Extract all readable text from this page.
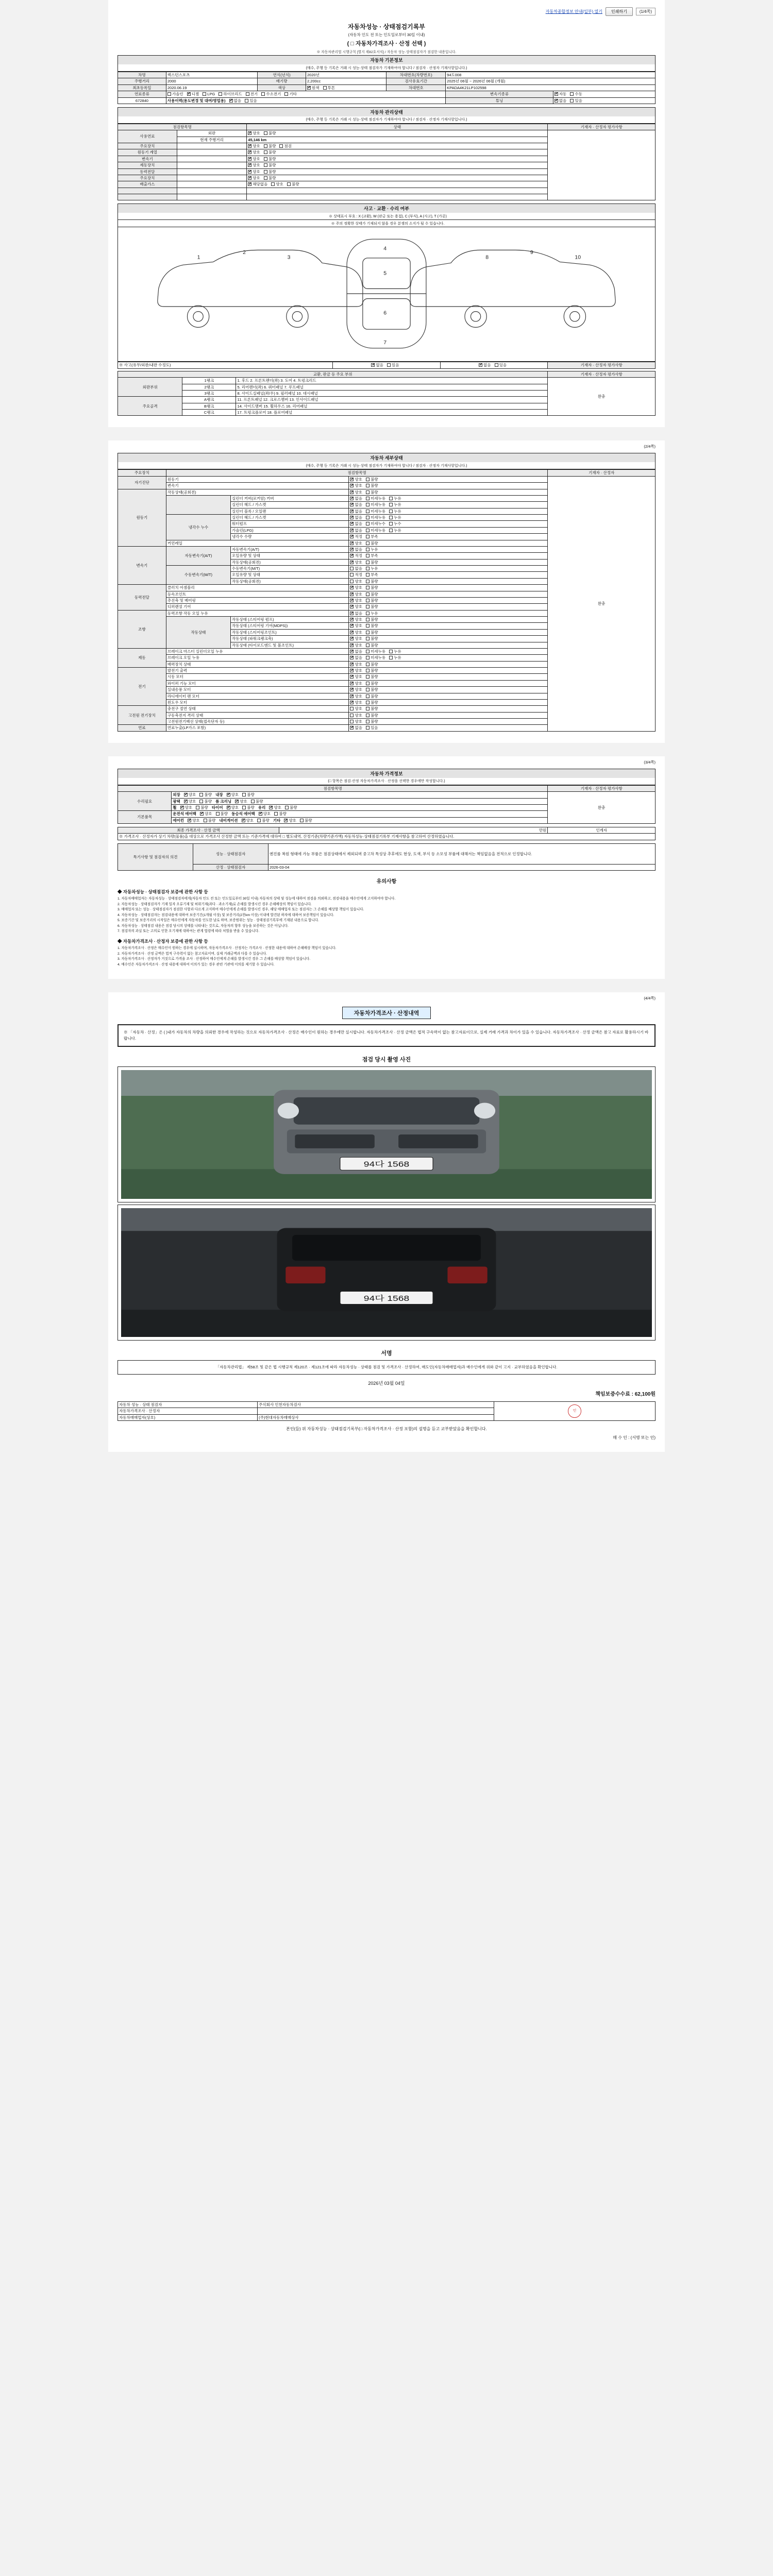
자동차종합정보 안내(일부) 열기	인쇄하기	(1/4쪽)
자동차성능 · 상태점검기록부
(자동차 인도 전 또는 인도일로부터 30일 이내)
( □ 자동차가격조사 · 산정 선택 )
※ 자동차관리법 시행규칙 [별지 제82호서식] / 자동차 성능·상태점검자가 점검한 내용입니다.
자동차 기본정보
(매수, 주행 등 기록은 거래 시 성능·상태 점검자가 기재하여야 합니다 / 점검자 · 산정자 기재사항입니다.)
차명	렉스턴스포츠	연식(년식)	2020년	차대번호(차량번호)	94도008	
주행거리	2000	배기량	2,200cc	검사유효기간	2025년 06월 ~ 2026년 06월 (개월)	
최초등록일	2020.06.19	색상	✔원색 투톤	차대번호	KPADA4K21LP102598	
연료종류	가솔린 ✔ 디젤 LPG 하이브리드 전기 수소전기 기타				변속기종류	✔자동 수동
672840	사용이력(용도변경 및 대여/영업용) ✔ 없음 있음				튜닝	✔없음 있음
자동차 관리상태
(매수, 주행 등 기록은 거래 시 성능·상태 점검자가 기재하여야 합니다 / 점검자 · 산정자 기재사항입니다.)
점검항목명		상태	기재자 · 산정자 평가사항
사용연료	외판	✔양호 불량	
	현재 주행거리	45,146 km	
주요장치		✔양호 불량 점검
원동기 계열		✔양호 불량
변속기		✔양호 불량
제동장치		✔양호 불량
동력전달		✔양호 불량
주요장치		✔양호 불량
배출가스		✔해당없음 양호 불량

사고 · 교환 · 수리 여부
※ 상태표시 부호 : X (교환), W (판금 또는 용접), C (부식), A (사고), T (가공)
※ 주의 정확한 상태가 기재되지 않을 경우 분쟁의 소지가 될 수 있습니다.
1
2
3
4
5
6
7
8
9
10
※ 사고(유무/외판/내판 수정도)	✔없음 있음	✔없음 있음	기재자 · 산정자 평가사항
교환, 판금 등 주요 부위			기재자 · 산정자 평가사항
외판부위	1랭크	1. 후드 2. 프론트펜더(좌) 3. 도어 4. 트렁크리드	완충
	2랭크	5. 리어펜더(좌) 6. 쿼터패널 7. 루프패널	
	3랭크	8. 사이드실패널(좌/우) 9. 필러패널 10. 대시패널	
주요골격	A랭크	11. 프론트패널 12. 크로스멤버 13. 인사이드패널	
	B랭크	14. 사이드멤버 15. 휠하우스 16. 리어패널	
	C랭크	17. 트렁크플로어 18. 플로어패널	
(2/4쪽)
자동차 세부상태
(매수, 주행 등 기록은 거래 시 성능·상태 점검자가 기재하여야 합니다 / 점검자 · 산정자 기재사항입니다.)
주요장치	점검항목명			기재자 · 산정자
자기진단	원동기	✔양호 불량	완충
	변속기	✔양호 불량
원동기	작동상태(공회전)	✔양호 불량
		실린더 커버(로커암) 커버	✔없음 미세누유 누유
		실린더 헤드 / 가스켓	✔없음 미세누유 누유
		실린더 블록 / 오일팬	✔없음 미세누유 누유
	냉각수 누수	실린더 헤드 / 가스켓	✔없음 미세누유 누유
		워터펌프	✔없음 미세누수 누수
		가솔린(LPG)	✔없음 미세누유 누유
		냉각수 수량	✔적정 부족
	커먼레일	✔양호 불량
변속기	자동변속기(A/T)	자동변속기(A/T)	✔없음 누유
		오일유량 및 상태	✔적정 부족
		작동상태(공회전)	✔양호 불량
	수동변속기(M/T)	수동변속기(M/T)	없음 누유	
		오일유량 및 상태	적정 부족	
		작동상태(공회전)	양호 불량	
동력전달	클러치 어셈블리	✔양호 불량
	등속조인트	✔양호 불량
	추진축 및 베어링	✔양호 불량
	디퍼렌셜 기어	✔양호 불량
조향	동력조향 작동 오일 누유	✔없음 누유
	작동상태	작동상태 (스티어링 펌프)	✔양호 불량
		작동상태 (스티어링 기어(MDPS))	✔양호 불량
		작동상태 (스티어링조인트)	✔양호 불량
		작동상태 (파워크랭크축)	✔양호 불량
		작동상태 (타이로드엔드 및 볼조인트)	✔양호 불량
제동	브레이크 마스터 실린더오일 누유	✔없음 미세누유 누유
	브레이크 오일 누유	✔없음 미세누유 누유
	배력장치 상태	✔양호 불량
전기	발전기 출력	✔양호 불량
	시동 모터	✔양호 불량
	와이퍼 기능 모터	✔양호 불량
	실내송풍 모터	✔양호 불량
	라디에이터 팬 모터	✔양호 불량
	윈도우 모터	✔양호 불량
고전원 전기장치	충전구 절연 상태		양호 불량	
	구동축전지 격리 상태		양호 불량	
	고전원전기배선 상태(접속단자 등)		양호 불량	
연료	연료누출(LP가스 포함)	✔없음 있음
(3/4쪽)
자동차 가격정보
(□ 항목은 점검·산정 자동차가격조사 · 산정을 선택한 경우에만 작성합니다.)
점검항목명		기재자 · 산정자 평가사항
수리필요	외장 ✔ 양호 불량 내장 ✔ 양호 불량	완충
	광택 ✔ 양호 불량 룸 크리닝 ✔ 양호 불량
	휠 ✔ 양호 불량 타이어 ✔ 양호 불량 유리 ✔ 양호 불량
기본품목	운전석 에어백 ✔ 양호 불량 동승석 에어백 ✔ 양호 불량
	에어컨 ✔ 양호 불량 내비게이션 ✔ 양호 불량 기타 ✔ 양호 불량
최종 가격조사 · 산정 금액	만원	인계자
※ 가격조사 · 산정자가 상기 차량(물품)을 대상으로 가격조사 산정한 금액 또는 기준가격에 대하여 □ 별도내역, 산정기준(차량기준가액) 자동차성능·상태점검기록부 기재사항을 참고하여 산정하였습니다.
특기사항 및 점검자의 의견	성능 · 상태점검자	엔진룸 복원 형태에 가능 부품은 점검상태에서 제외되며 중고차 특성상 추후에도 현상, 도색, 부식 등 소모성 부품에 대해서는 책임없음을 전적으로 인정합니다.
	산정 · 상태점검자	2026-03-04
유의사항
◆ 자동차성능 · 상태점검자 보증에 관한 사항 등

1. 자동차매매업자는 자동차성능 · 상태점검자에게(자동차 인도 전 또는 인도일로부터 30일 이내) 자동차의 상태 및 성능에 대하여 점검을 의뢰하고, 점검내용을 매수인에게 고지하여야 합니다.

2. 자동차성능 · 상태점검자가 기재 일자 오류기재 및 허위기재(과다 · 과소기재)로 손해를 발생시킨 경우 손해배상의 책임이 있습니다.

3. 매매업자 또는 성능 · 상태점검자가 점검한 사항과 다르게 고지하여 매수인에게 손해를 발생시킨 경우, 해당 매매업자 또는 점검자는 그 손해를 배상할 책임이 있습니다.

4. 자동차성능 · 상태점검자는 점검내용에 대하여 보증기간(1개월 이상) 및 보증거리(2천km 이상) 이내에 발견된 하자에 대하여 보증책임이 있습니다.

5. 보증기간 및 보증거리의 시작일은 매수인에게 자동차를 인도한 날로 하며, 보증범위는 성능 · 상태점검기록부에 기재된 내용으로 합니다.

6. 자동차성능 · 상태점검 내용은 점검 당시의 상태를 나타내는 것으로, 자동차의 향후 성능을 보증하는 것은 아닙니다.

7. 점검자의 과실 또는 고의로 인한 오기재에 대하여는 관계 법령에 따라 처벌을 받을 수 있습니다.

◆ 자동차가격조사 · 산정자 보증에 관한 사항 등

1. 자동차가격조사 · 산정은 매수인이 원하는 경우에 실시하며, 자동차가격조사 · 산정자는 가격조사 · 산정한 내용에 대하여 손해배상 책임이 있습니다.

2. 자동차가격조사 · 산정 금액은 법적 구속력이 없는 참고자료이며, 실제 거래금액과 다를 수 있습니다.

3. 자동차가격조사 · 산정자가 거짓으로 가격을 조사 · 산정하여 매수인에게 손해를 발생시킨 경우 그 손해를 배상할 책임이 있습니다.

4. 매수인은 자동차가격조사 · 산정 내용에 대하여 이의가 있는 경우 관련 기관에 이의를 제기할 수 있습니다.

(4/4쪽)
자동차가격조사 · 산정내역
※ 「자동차 · 산정」은 ( )내가 자동차의 차량을 의뢰한 경우에 작성하는 것으로 자동차가격조사 · 산정은 매수인이 원하는 경우에만 실시합니다. 자동차가격조사 · 산정 금액은 법적 구속력이 없는 참고자료이므로, 실제 거래 가격과 차이가 있을 수 있습니다. 자동차가격조사 · 산정 금액은 참고 자료로 활용하시기 바랍니다.
점검 당시 촬영 사진
94다 1568
94다 1568
서명
「자동차관리법」 제58조 및 같은 법 시행규칙 제120조 · 제121조에 따라 자동차성능 · 상태를 점검 및 가격조사 · 산정하여, 매도인(자동차매매업자)과 매수인에게 위와 같이 고지 · 교부하였음을 확인합니다.
2026년 03월 04일
책임보증수수료 : 62,100원
자동차 성능 · 상태 점검자	주식회사 인천자동차검사	인
자동차가격조사 · 산정자		
자동차매매업자(상호)	(주)현대자동차매매상사	
본인(들) 위 자동차성능 · 상태점검기록부(□ 자동차가격조사 · 산정 포함)의 설명을 듣고 교부받았음을 확인합니다.
매 수 인 : (서명 또는 인)
